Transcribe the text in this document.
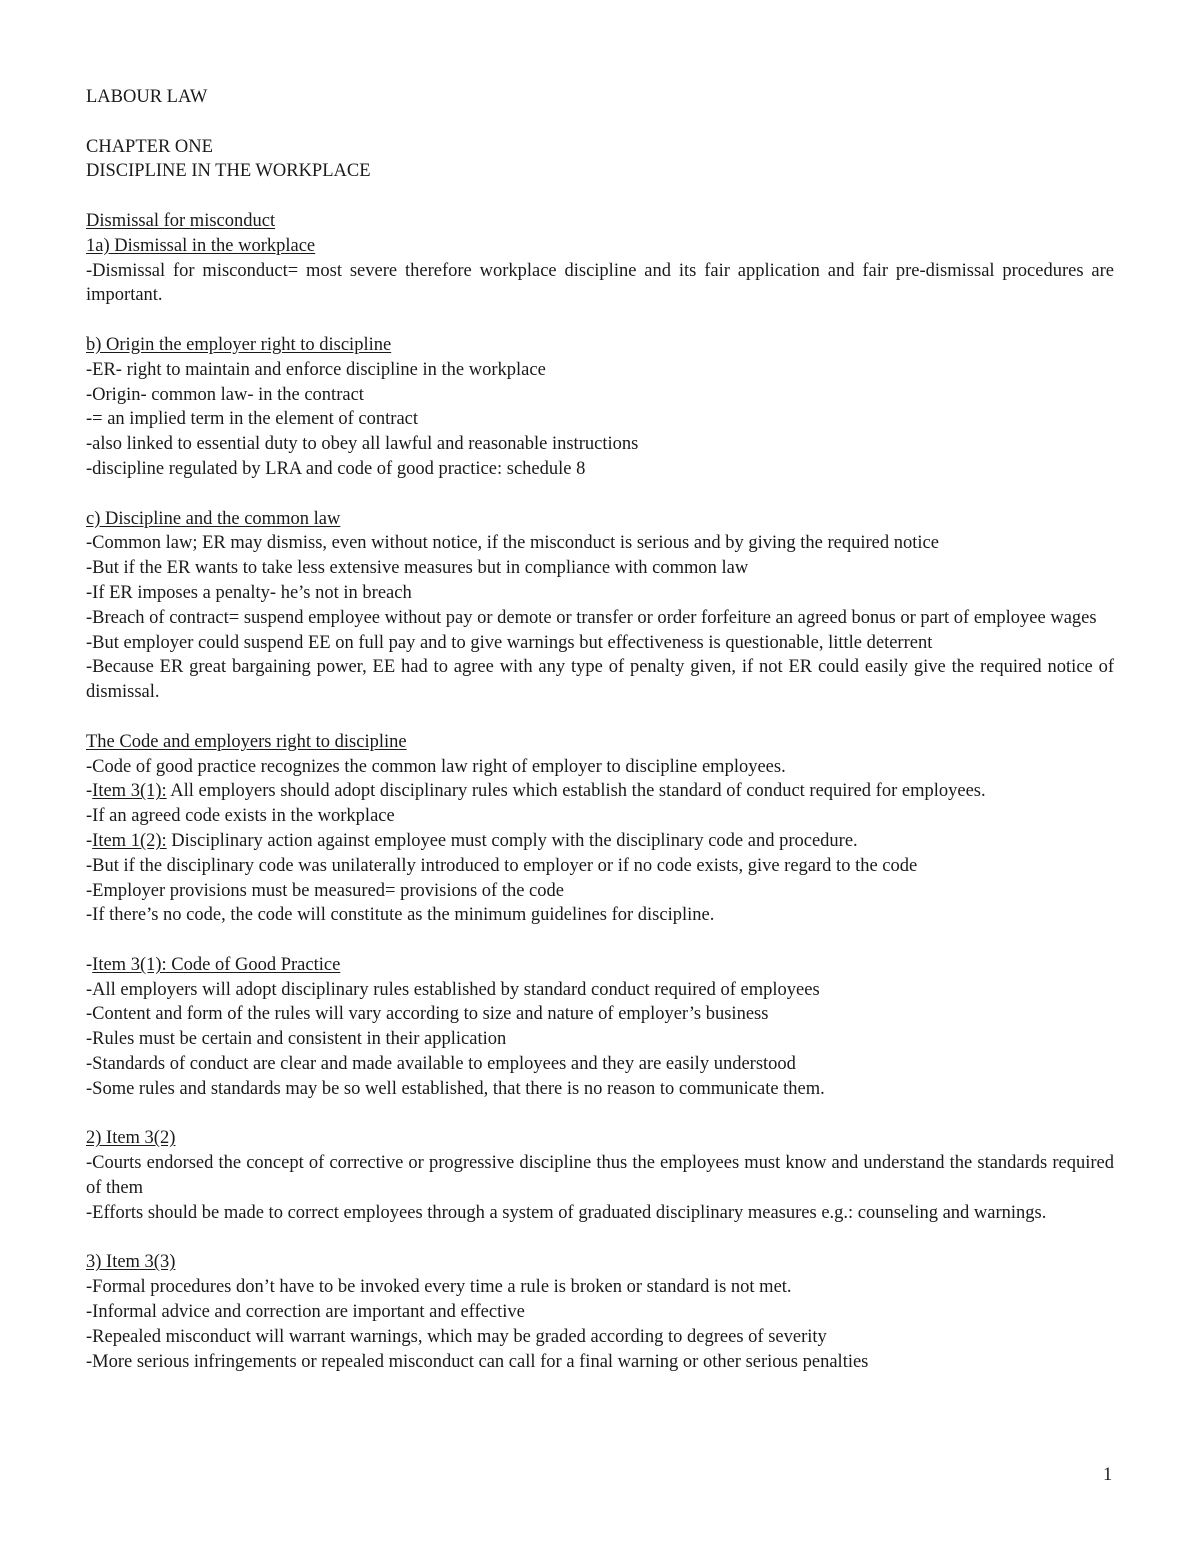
LABOUR LAW
CHAPTER ONE
DISCIPLINE IN THE WORKPLACE
Dismissal for misconduct
1a) Dismissal in the workplace
-Dismissal for misconduct= most severe therefore workplace discipline and its fair application and fair pre-dismissal procedures are important.
b) Origin the employer right to discipline
-ER- right to maintain and enforce discipline in the workplace
-Origin- common law- in the contract
-= an implied term in the element of contract
-also linked to essential duty to obey all lawful and reasonable instructions
-discipline regulated by LRA and code of good practice: schedule 8
c) Discipline and the common law
-Common law; ER may dismiss, even without notice, if the misconduct is serious and by giving the required notice
-But if the ER wants to take less extensive measures but in compliance with common law
-If ER imposes a penalty- he’s not in breach
-Breach of contract= suspend employee without pay or demote or transfer or order forfeiture an agreed bonus or part of employee wages
-But employer could suspend EE on full pay and to give warnings but effectiveness is questionable, little deterrent
-Because ER great bargaining power, EE had to agree with any type of penalty given, if not ER could easily give the required notice of dismissal.
The Code and employers right to discipline
-Code of good practice recognizes the common law right of employer to discipline employees.
-Item 3(1): All employers should adopt disciplinary rules which establish the standard of conduct required for employees.
-If an agreed code exists in the workplace
-Item 1(2): Disciplinary action against employee must comply with the disciplinary code and procedure.
-But if the disciplinary code was unilaterally introduced to employer or if no code exists, give regard to the code
-Employer provisions must be measured= provisions of the code
-If there’s no code, the code will constitute as the minimum guidelines for discipline.
-Item 3(1): Code of Good Practice
-All employers will adopt disciplinary rules established by standard conduct required of employees
-Content and form of the rules will vary according to size and nature of employer’s business
-Rules must be certain and consistent in their application
-Standards of conduct are clear and made available to employees and they are easily understood
-Some rules and standards may be so well established, that there is no reason to communicate them.
2) Item 3(2)
-Courts endorsed the concept of corrective or progressive discipline thus the employees must know and understand the standards required of them
-Efforts should be made to correct employees through a system of graduated disciplinary measures e.g.: counseling and warnings.
3) Item 3(3)
-Formal procedures don’t have to be invoked every time a rule is broken or standard is not met.
-Informal advice and correction are important and effective
-Repealed misconduct will warrant warnings, which may be graded according to degrees of severity
-More serious infringements or repealed misconduct can call for a final warning or other serious penalties
1
